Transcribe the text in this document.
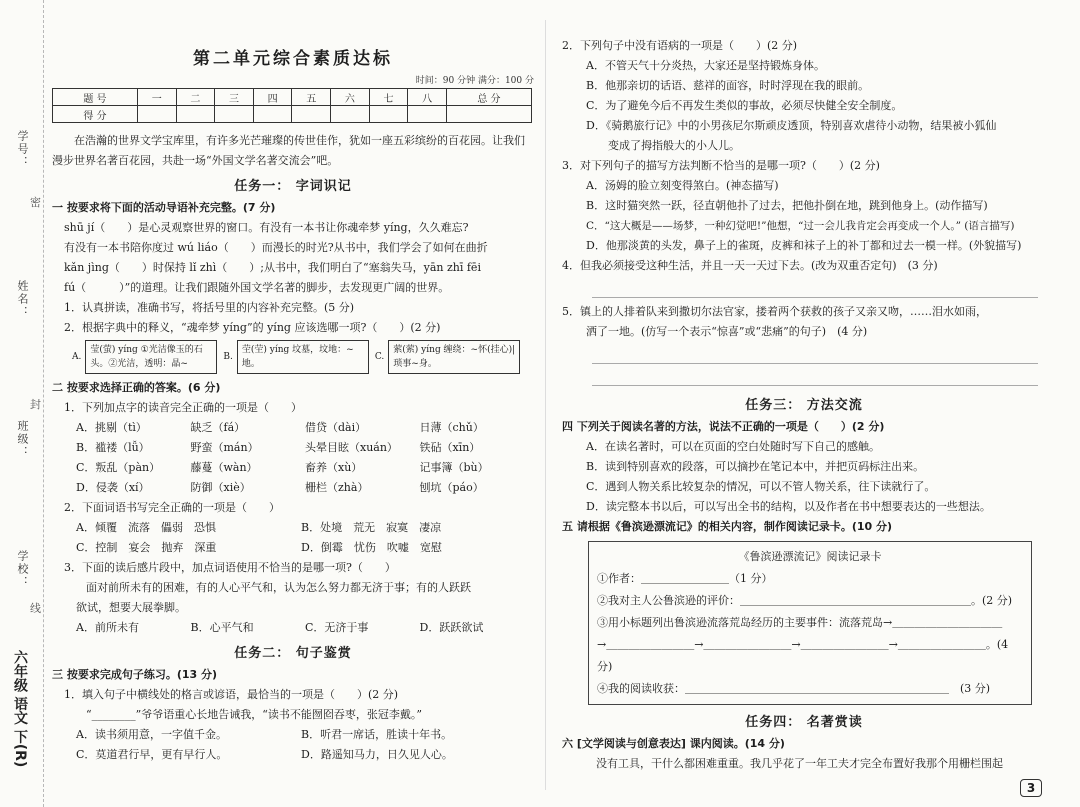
学号：
姓名：
班级：
学校：
密
封
线
六年级 语文 下(R)
第二单元综合素质达标
时间：90 分钟 满分：100 分
题 号	一	二	三	四	五	六	七	八	总 分
得 分									

在浩瀚的世界文学宝库里，有许多光芒璀璨的传世佳作，犹如一座五彩缤纷的百花园。让我们漫步世界名著百花园，共赴一场“外国文学名著交流会”吧。

任务一： 字词识记

一 按要求将下面的活动导语补充完整。(7 分)

shū jí（　　）是心灵观察世界的窗口。有没有一本书让你魂牵梦 yíng，久久难忘?

有没有一本书陪你度过 wú liáo（　　）而漫长的时光?从书中，我们学会了如何在曲折

kǎn jìng（　　）时保持 lǐ zhì（　　）;从书中，我们明白了“塞翁失马，yān zhī fēi

fú（　　　）”的道理。让我们跟随外国文学名著的脚步，去发现更广阔的世界。

1．认真拼读，准确书写，将括号里的内容补充完整。(5 分)

2．根据字典中的释义，“魂牵梦 yíng”的 yíng 应该选哪一项?（　　）(2 分)

A.
莹(萤) yíng ①光洁像玉的石头。②光洁，透明：晶~
B.
茔(茔) yíng 坟墓，坟地：~地。
C.
萦(萦) yíng 缠绕：~怀(挂心)|琐事~身。

二 按要求选择正确的答案。(6 分)

1．下列加点字的读音完全正确的一项是（　　）

A．挑剔（tì）	缺乏（fá）	借贷（dài）	日薄（chǔ）
B．褴褛（lǚ）	野蛮（mán）	头晕目眩（xuán）	铁砧（xīn）
C．叛乱（pàn）	藤蔓（wàn）	畜养（xù）	记事簿（bù）
D．侵袭（xí）	防御（xiè）	栅栏（zhà）	刨坑（páo）

2．下面词语书写完全正确的一项是（　　）

A．倾覆　流落　儡弱　恐惧	B．处境　荒无　寂寞　凄凉
C．控制　宴会　抛弃　深重	D．倒霉　忧伤　吹嘘　宽慰

3．下面的读后感片段中，加点词语使用不恰当的是哪一项?（　　）

面对前所未有的困难，有的人心平气和，认为怎么努力都无济于事；有的人跃跃

欲试，想要大展拳脚。

A．前所未有	B．心平气和	C．无济于事	D．跃跃欲试
任务二： 句子鉴赏

三 按要求完成句子练习。(13 分)

1．填入句子中横线处的格言或谚语，最恰当的一项是（　　）(2 分)

“________”爷爷语重心长地告诫我，“读书不能囫囵吞枣，张冠李戴。”

A．读书须用意，一字值千金。	B．听君一席话，胜读十年书。
C．莫道君行早，更有早行人。	D．路遥知马力，日久见人心。

2．下列句子中没有语病的一项是（　　）(2 分)

A．不管天气十分炎热，大家还是坚持锻炼身体。

B．他那亲切的话语、慈祥的面容，时时浮现在我的眼前。

C．为了避免今后不再发生类似的事故，必须尽快健全安全制度。

D．《骑鹅旅行记》中的小男孩尼尔斯顽皮透顶，特别喜欢虐待小动物，结果被小狐仙

　　变成了拇指般大的小人儿。

3．对下列句子的描写方法判断不恰当的是哪一项?（　　）(2 分)

A．汤姆的脸立刻变得煞白。(神态描写)

B．这时猫突然一跃，径直朝他扑了过去，把他扑倒在地，跳到他身上。(动作描写)

C．“这大概是——场梦，一种幻觉吧!”他想，“过一会儿我肯定会再变成一个人。” (语言描写)

D．他那淡黄的头发，鼻子上的雀斑，皮裤和袜子上的补丁都和过去一模一样。(外貌描写)

4．但我必须接受这种生活，并且一天一天过下去。(改为双重否定句)　(3 分)

5．镇上的人排着队来到撒切尔法官家，搂着两个获救的孩子又亲又吻，……泪水如雨，

洒了一地。(仿写一个表示“惊喜”或“悲痛”的句子)　(4 分)

任务三： 方法交流

四 下列关于阅读名著的方法，说法不正确的一项是（　　）(2 分)

A．在读名著时，可以在页面的空白处随时写下自己的感触。

B．读到特别喜欢的段落，可以摘抄在笔记本中，并把页码标注出来。

C．遇到人物关系比较复杂的情况，可以不管人物关系，往下读就行了。

D．读完整本书以后，可以写出全书的结构，以及作者在书中想要表达的一些想法。

五 请根据《鲁滨逊漂流记》的相关内容，制作阅读记录卡。(10 分)

《鲁滨逊漂流记》阅读记录卡
①作者：＿＿＿＿＿＿＿＿（1 分）
②我对主人公鲁滨逊的评价：＿＿＿＿＿＿＿＿＿＿＿＿＿＿＿＿＿＿＿＿＿。(2 分)
③用小标题列出鲁滨逊流落荒岛经历的主要事件：流落荒岛→＿＿＿＿＿＿＿＿＿＿
→＿＿＿＿＿＿＿＿→＿＿＿＿＿＿＿＿→＿＿＿＿＿＿＿＿→＿＿＿＿＿＿＿＿。(4 分)
④我的阅读收获：＿＿＿＿＿＿＿＿＿＿＿＿＿＿＿＿＿＿＿＿＿＿＿＿　(3 分)
任务四： 名著赏读

六 [文学阅读与创意表达] 课内阅读。(14 分)

没有工具，干什么都困难重重。我几乎花了一年工夫才完全布置好我那个用栅栏围起

3
